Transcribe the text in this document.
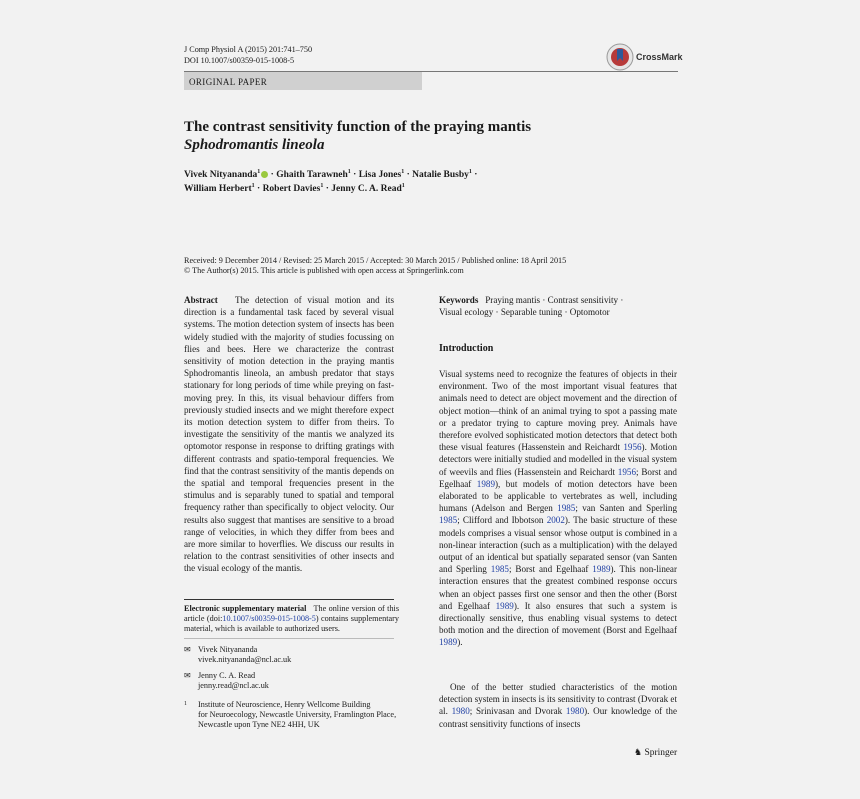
J Comp Physiol A (2015) 201:741–750
DOI 10.1007/s00359-015-1008-5	CrossMark
ORIGINAL PAPER
The contrast sensitivity function of the praying mantis
Sphodromantis lineola
Vivek Nityananda$^1$ · Ghaith Tarawneh$^1$ · Lisa Jones$^1$ · Natalie Busby$^1$ ·
William Herbert$^1$ · Robert Davies$^1$ · Jenny C. A. Read$^1$
Received: 9 December 2014 / Revised: 25 March 2015 / Accepted: 30 March 2015 / Published online: 18 April 2015
© The Author(s) 2015. This article is published with open access at Springerlink.com
Abstract The detection of visual motion and its direction is a fundamental task faced by several visual systems. The motion detection system of insects has been widely studied with the majority of studies focussing on flies and bees. Here we characterize the contrast sensitivity of motion detection in the praying mantis Sphodromantis lineola, an ambush predator that stays stationary for long periods of time while preying on fast-moving prey. In this, its visual behaviour differs from previously studied insects and we might therefore expect its motion detection system to differ from theirs. To investigate the sensitivity of the mantis we analyzed its optomotor response in response to drifting gratings with different contrasts and spatio-temporal frequencies. We find that the contrast sensitivity of the mantis depends on the spatial and temporal frequencies present in the stimulus and is separably tuned to spatial and temporal frequency rather than specifically to object velocity. Our results also suggest that mantises are sensitive to a broad range of velocities, in which they differ from bees and are more similar to hoverflies. We discuss our results in relation to the contrast sensitivities of other insects and the visual ecology of the mantis.
Electronic supplementary material The online version of this article (doi:10.1007/s00359-015-1008-5) contains supplementary material, which is available to authorized users.
✉ Vivek Nityananda
vivek.nityananda@ncl.ac.uk
✉ Jenny C. A. Read
jenny.read@ncl.ac.uk
1 Institute of Neuroscience, Henry Wellcome Building
for Neuroecology, Newcastle University, Framlington Place,
Newcastle upon Tyne NE2 4HH, UK
Keywords Praying mantis · Contrast sensitivity ·
Visual ecology · Separable tuning · Optomotor
Introduction
Visual systems need to recognize the features of objects in their environment. Two of the most important visual features that animals need to detect are object movement and the direction of object motion—think of an animal trying to spot a passing mate or a predator trying to capture moving prey. Animals have therefore evolved sophisticated motion detectors that detect both these visual features (Hassenstein and Reichardt 1956). Motion detectors were initially studied and modelled in the visual system of weevils and flies (Hassenstein and Reichardt 1956; Borst and Egelhaaf 1989), but models of motion detectors have been elaborated to be applicable to vertebrates as well, including humans (Adelson and Bergen 1985; van Santen and Sperling 1985; Clifford and Ibbotson 2002). The basic structure of these models comprises a visual sensor whose output is combined in a non-linear interaction (such as a multiplication) with the delayed output of an identical but spatially separated sensor (van Santen and Sperling 1985; Borst and Egelhaaf 1989). This non-linear interaction ensures that the greatest combined response occurs when an object passes first one sensor and then the other (Borst and Egelhaaf 1989). It also ensures that such a system is directionally sensitive, thus enabling visual systems to detect both motion and the direction of movement (Borst and Egelhaaf 1989).
One of the better studied characteristics of the motion detection system in insects is its sensitivity to contrast (Dvorak et al. 1980; Srinivasan and Dvorak 1980). Our knowledge of the contrast sensitivity functions of insects
♞ Springer
